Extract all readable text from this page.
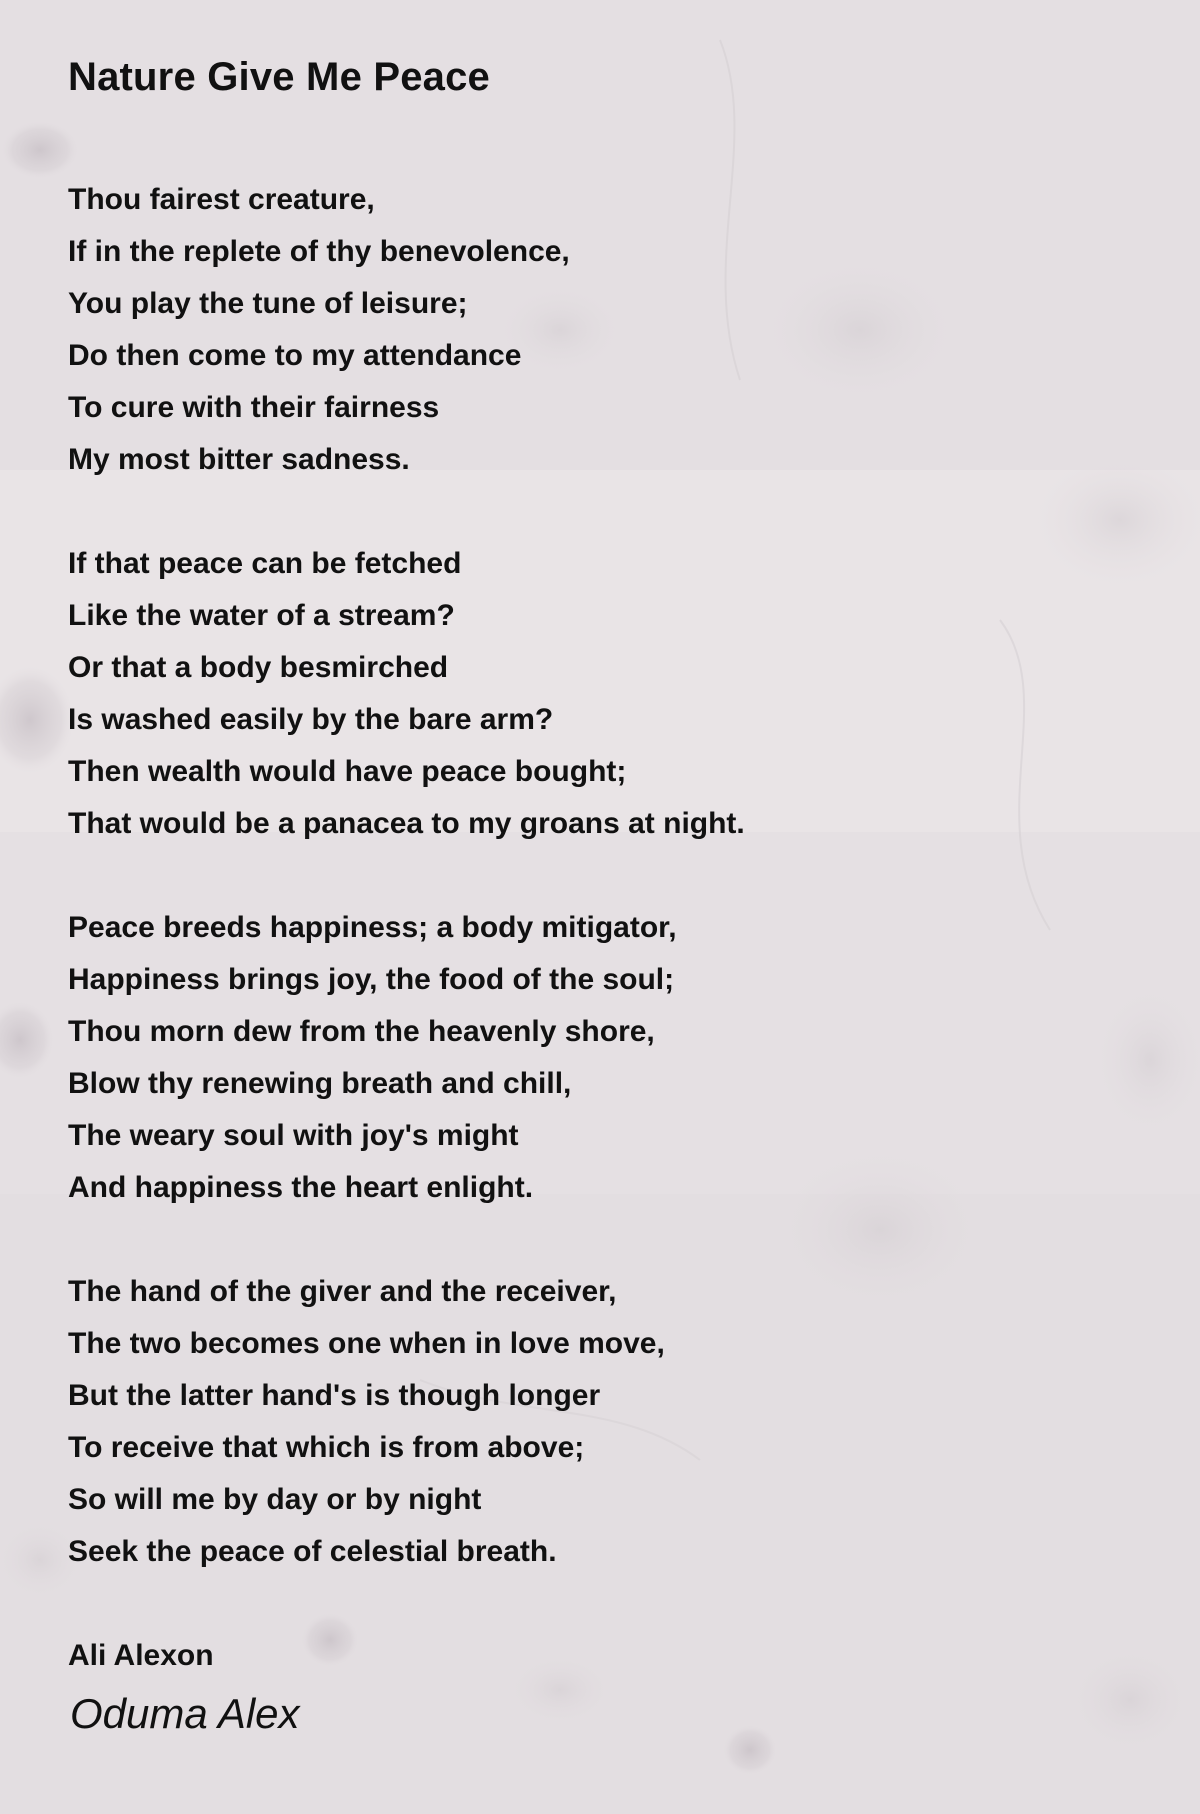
Nature Give Me Peace
Thou fairest creature,
If in the replete of thy benevolence,
You play the tune of leisure;
Do then come to my attendance
To cure with their fairness
My most bitter sadness.
If that peace can be fetched
Like the water of a stream?
Or that a body besmirched
Is washed easily by the bare arm?
Then wealth would have peace bought;
That would be a panacea to my groans at night.
Peace breeds happiness; a body mitigator,
Happiness brings joy, the food of the soul;
Thou morn dew from the heavenly shore,
Blow thy renewing breath and chill,
The weary soul with joy's might
And happiness the heart enlight.
The hand of the giver and the receiver,
The two becomes one when in love move,
But the latter hand's is though longer
To receive that which is from above;
So will me by day or by night
Seek the peace of celestial breath.

Ali Alexon

Oduma Alex
